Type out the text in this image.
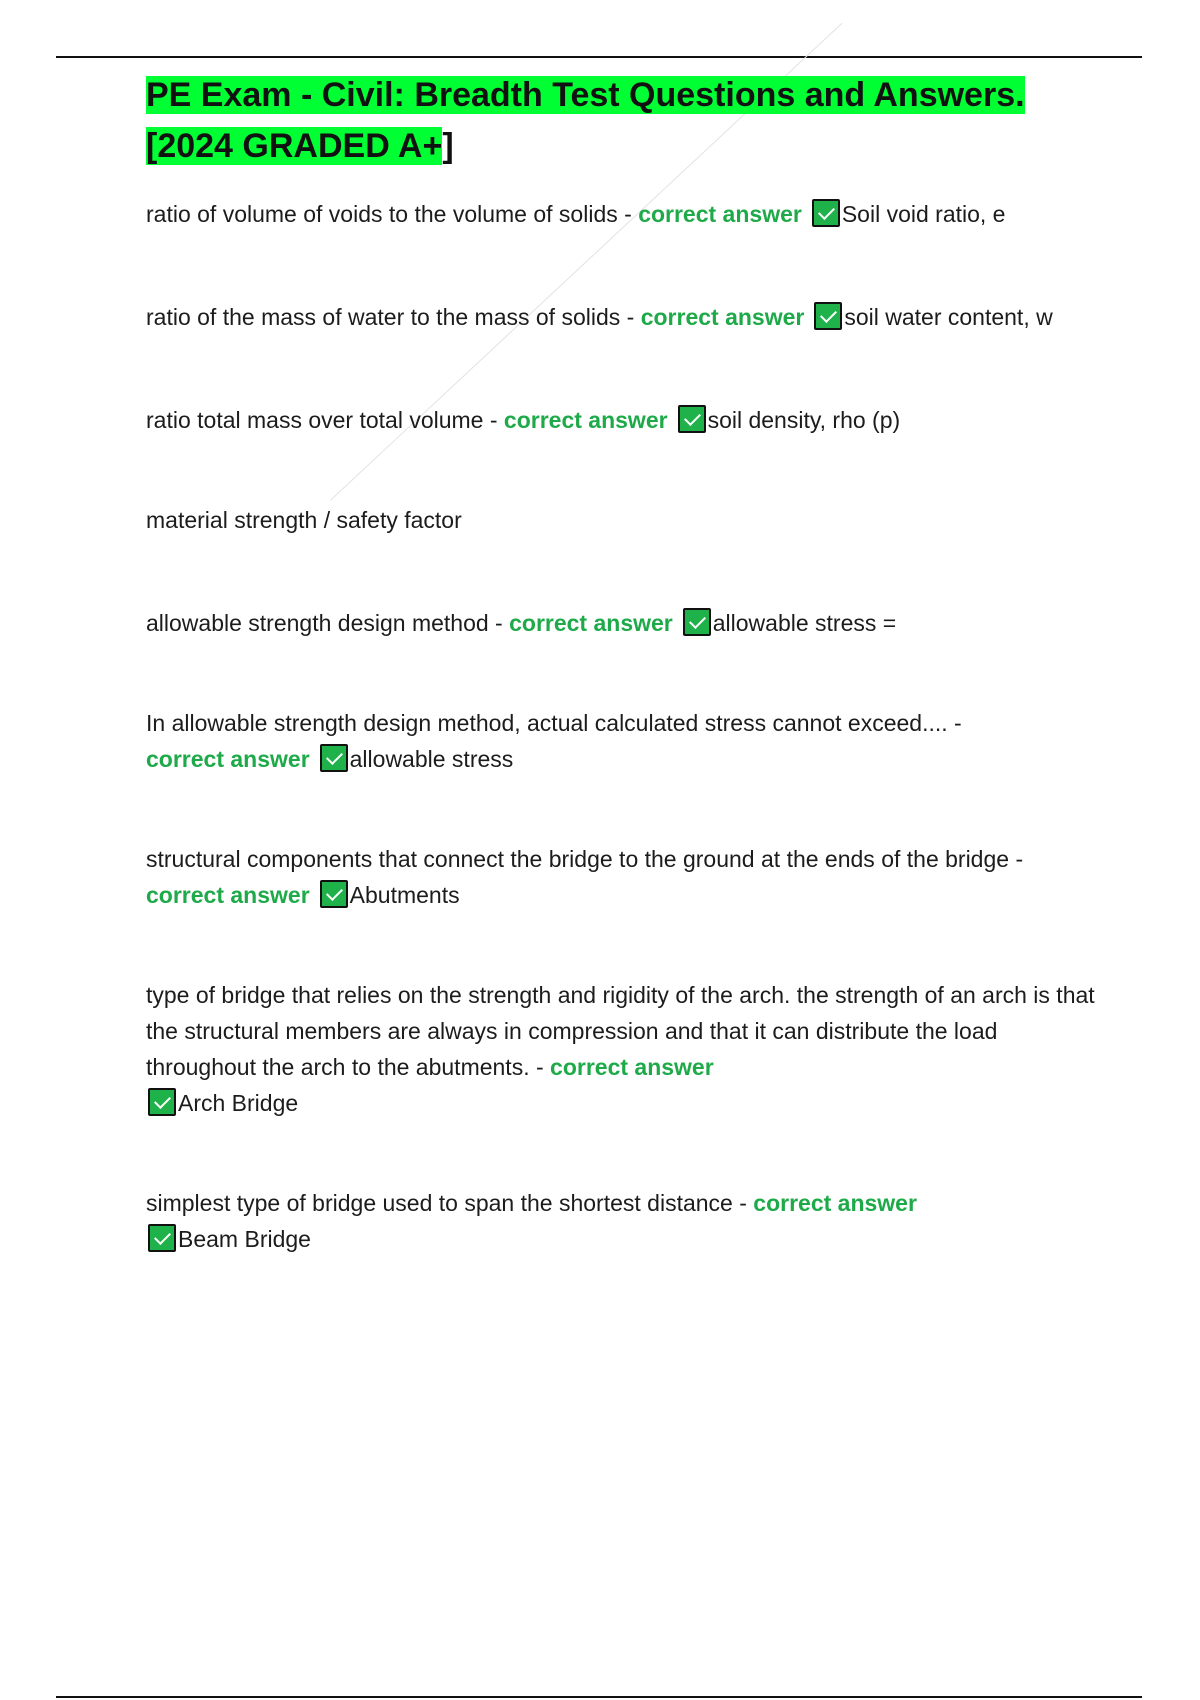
PE Exam - Civil: Breadth Test Questions and Answers.
[2024 GRADED A+]

ratio of volume of voids to the volume of solids - correct answer Soil void ratio, e

ratio of the mass of water to the mass of solids - correct answer soil water content, w

ratio total mass over total volume - correct answer soil density, rho (p)

material strength / safety factor

allowable strength design method - correct answer allowable stress =

In allowable strength design method, actual calculated stress cannot exceed.... -
correct answer allowable stress

structural components that connect the bridge to the ground at the ends of the bridge - correct answer Abutments

type of bridge that relies on the strength and rigidity of the arch. the strength of an arch is that the structural members are always in compression and that it can distribute the load throughout the arch to the abutments. - correct answer
Arch Bridge

simplest type of bridge used to span the shortest distance - correct answer
Beam Bridge
